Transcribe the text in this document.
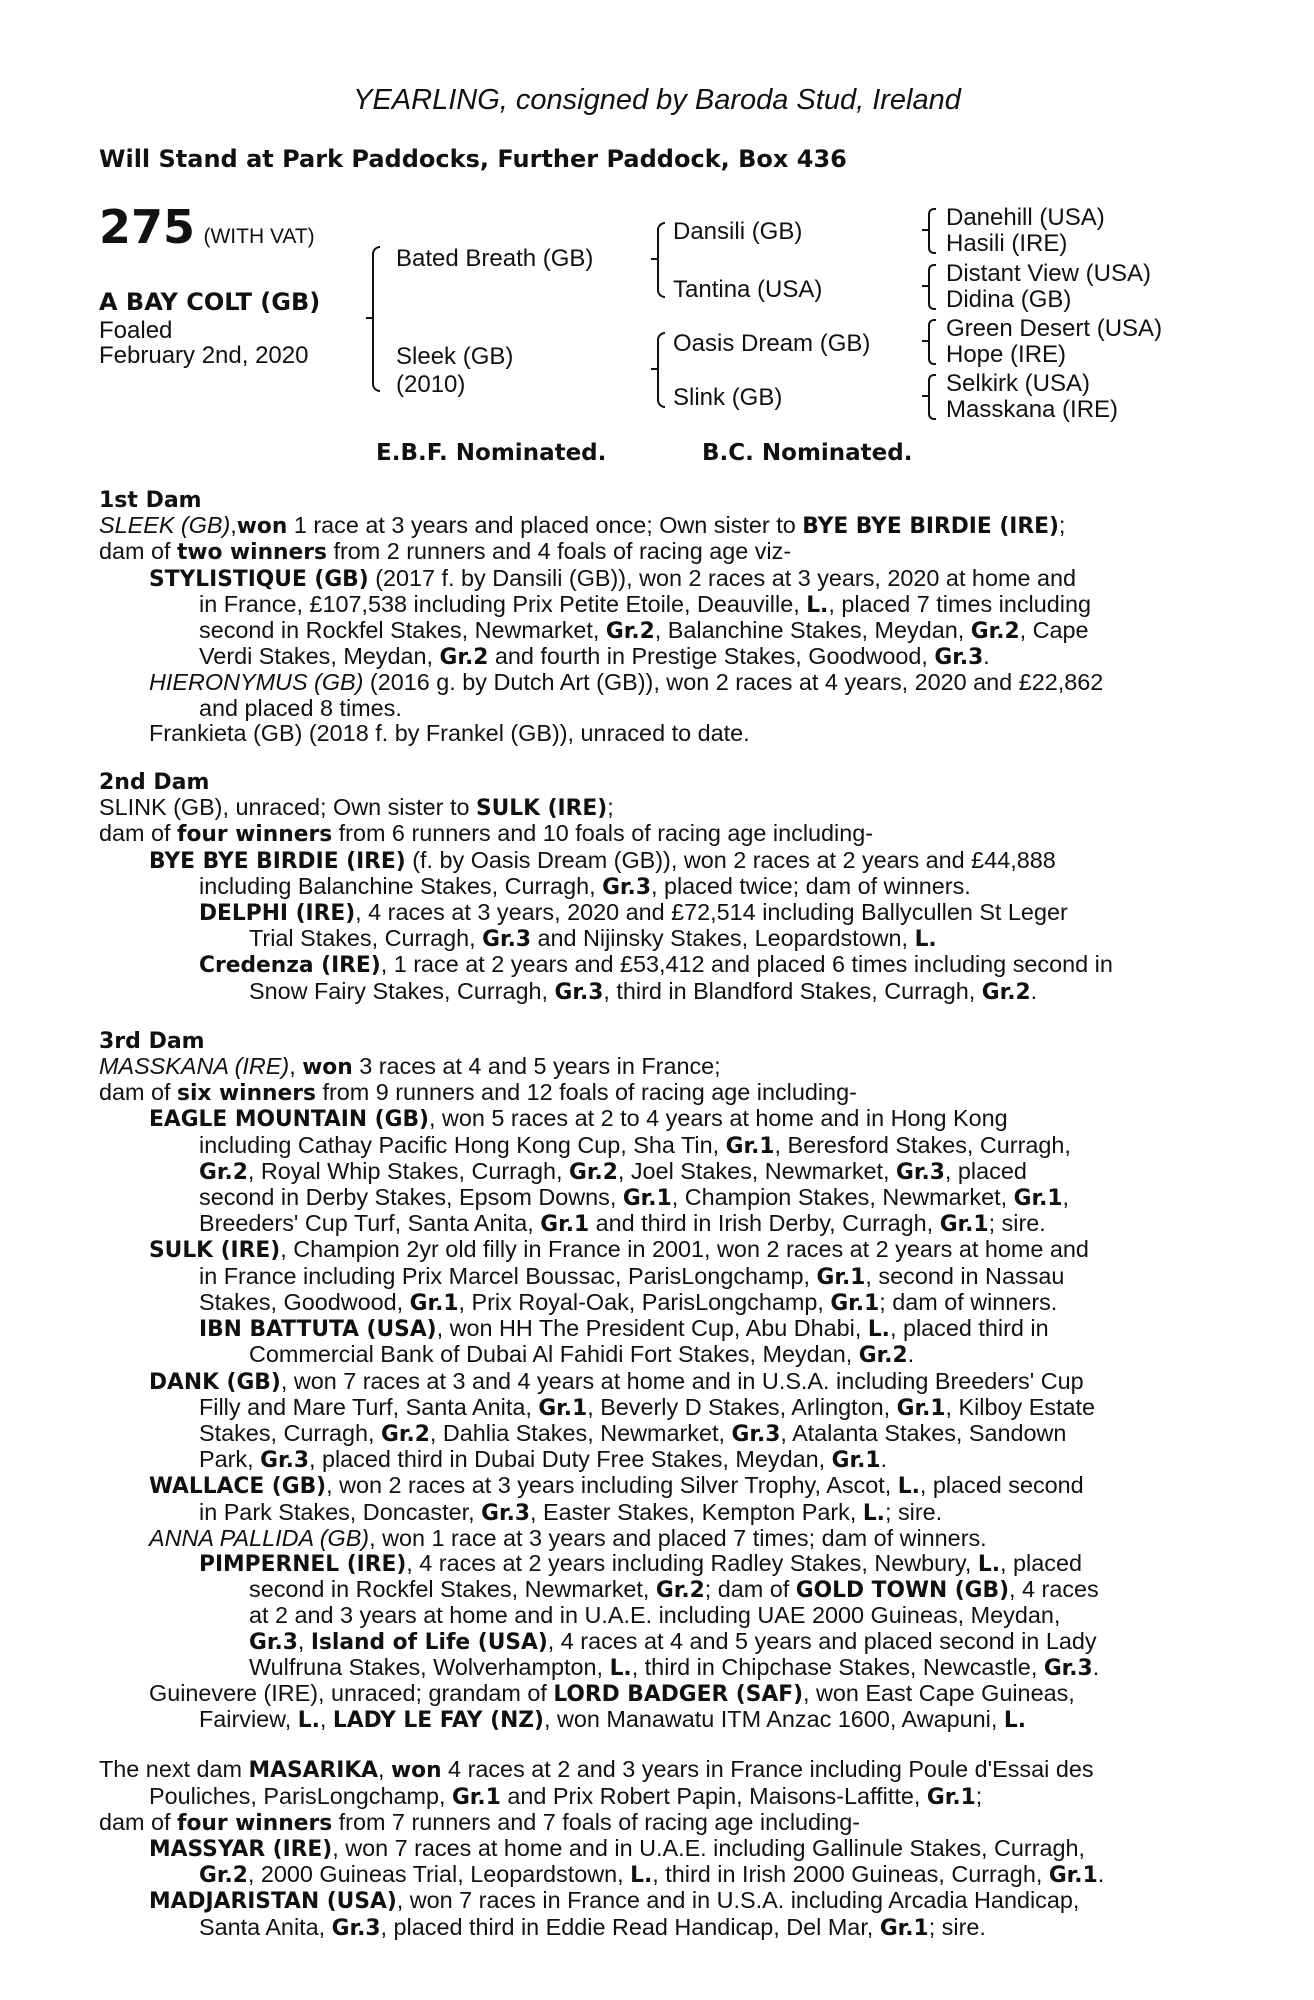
YEARLING, consigned by Baroda Stud, Ireland
Will Stand at Park Paddocks, Further Paddock, Box 436
275 (WITH VAT)
A BAY COLT (GB)
Foaled
February 2nd, 2020
Bated Breath (GB)
Sleek (GB)
(2010)
Dansili (GB)
Tantina (USA)
Oasis Dream (GB)
Slink (GB)
Danehill (USA)
Hasili (IRE)
Distant View (USA)
Didina (GB)
Green Desert (USA)
Hope (IRE)
Selkirk (USA)
Masskana (IRE)
E.B.F. Nominated.	B.C. Nominated.
1st Dam
SLEEK (GB),won 1 race at 3 years and placed once; Own sister to BYE BYE BIRDIE (IRE);
dam of two winners from 2 runners and 4 foals of racing age viz-
STYLISTIQUE (GB) (2017 f. by Dansili (GB)), won 2 races at 3 years, 2020 at home and
in France, £107,538 including Prix Petite Etoile, Deauville, L., placed 7 times including
second in Rockfel Stakes, Newmarket, Gr.2, Balanchine Stakes, Meydan, Gr.2, Cape
Verdi Stakes, Meydan, Gr.2 and fourth in Prestige Stakes, Goodwood, Gr.3.
HIERONYMUS (GB) (2016 g. by Dutch Art (GB)), won 2 races at 4 years, 2020 and £22,862
and placed 8 times.
Frankieta (GB) (2018 f. by Frankel (GB)), unraced to date.
2nd Dam
SLINK (GB), unraced; Own sister to SULK (IRE);
dam of four winners from 6 runners and 10 foals of racing age including-
BYE BYE BIRDIE (IRE) (f. by Oasis Dream (GB)), won 2 races at 2 years and £44,888
including Balanchine Stakes, Curragh, Gr.3, placed twice; dam of winners.
DELPHI (IRE), 4 races at 3 years, 2020 and £72,514 including Ballycullen St Leger
Trial Stakes, Curragh, Gr.3 and Nijinsky Stakes, Leopardstown, L.
Credenza (IRE), 1 race at 2 years and £53,412 and placed 6 times including second in
Snow Fairy Stakes, Curragh, Gr.3, third in Blandford Stakes, Curragh, Gr.2.
3rd Dam
MASSKANA (IRE), won 3 races at 4 and 5 years in France;
dam of six winners from 9 runners and 12 foals of racing age including-
EAGLE MOUNTAIN (GB), won 5 races at 2 to 4 years at home and in Hong Kong
including Cathay Pacific Hong Kong Cup, Sha Tin, Gr.1, Beresford Stakes, Curragh,
Gr.2, Royal Whip Stakes, Curragh, Gr.2, Joel Stakes, Newmarket, Gr.3, placed
second in Derby Stakes, Epsom Downs, Gr.1, Champion Stakes, Newmarket, Gr.1,
Breeders' Cup Turf, Santa Anita, Gr.1 and third in Irish Derby, Curragh, Gr.1; sire.
SULK (IRE), Champion 2yr old filly in France in 2001, won 2 races at 2 years at home and
in France including Prix Marcel Boussac, ParisLongchamp, Gr.1, second in Nassau
Stakes, Goodwood, Gr.1, Prix Royal-Oak, ParisLongchamp, Gr.1; dam of winners.
IBN BATTUTA (USA), won HH The President Cup, Abu Dhabi, L., placed third in
Commercial Bank of Dubai Al Fahidi Fort Stakes, Meydan, Gr.2.
DANK (GB), won 7 races at 3 and 4 years at home and in U.S.A. including Breeders' Cup
Filly and Mare Turf, Santa Anita, Gr.1, Beverly D Stakes, Arlington, Gr.1, Kilboy Estate
Stakes, Curragh, Gr.2, Dahlia Stakes, Newmarket, Gr.3, Atalanta Stakes, Sandown
Park, Gr.3, placed third in Dubai Duty Free Stakes, Meydan, Gr.1.
WALLACE (GB), won 2 races at 3 years including Silver Trophy, Ascot, L., placed second
in Park Stakes, Doncaster, Gr.3, Easter Stakes, Kempton Park, L.; sire.
ANNA PALLIDA (GB), won 1 race at 3 years and placed 7 times; dam of winners.
PIMPERNEL (IRE), 4 races at 2 years including Radley Stakes, Newbury, L., placed
second in Rockfel Stakes, Newmarket, Gr.2; dam of GOLD TOWN (GB), 4 races
at 2 and 3 years at home and in U.A.E. including UAE 2000 Guineas, Meydan,
Gr.3, Island of Life (USA), 4 races at 4 and 5 years and placed second in Lady
Wulfruna Stakes, Wolverhampton, L., third in Chipchase Stakes, Newcastle, Gr.3.
Guinevere (IRE), unraced; grandam of LORD BADGER (SAF), won East Cape Guineas,
Fairview, L., LADY LE FAY (NZ), won Manawatu ITM Anzac 1600, Awapuni, L.
The next dam MASARIKA, won 4 races at 2 and 3 years in France including Poule d'Essai des
Pouliches, ParisLongchamp, Gr.1 and Prix Robert Papin, Maisons-Laffitte, Gr.1;
dam of four winners from 7 runners and 7 foals of racing age including-
MASSYAR (IRE), won 7 races at home and in U.A.E. including Gallinule Stakes, Curragh,
Gr.2, 2000 Guineas Trial, Leopardstown, L., third in Irish 2000 Guineas, Curragh, Gr.1.
MADJARISTAN (USA), won 7 races in France and in U.S.A. including Arcadia Handicap,
Santa Anita, Gr.3, placed third in Eddie Read Handicap, Del Mar, Gr.1; sire.
